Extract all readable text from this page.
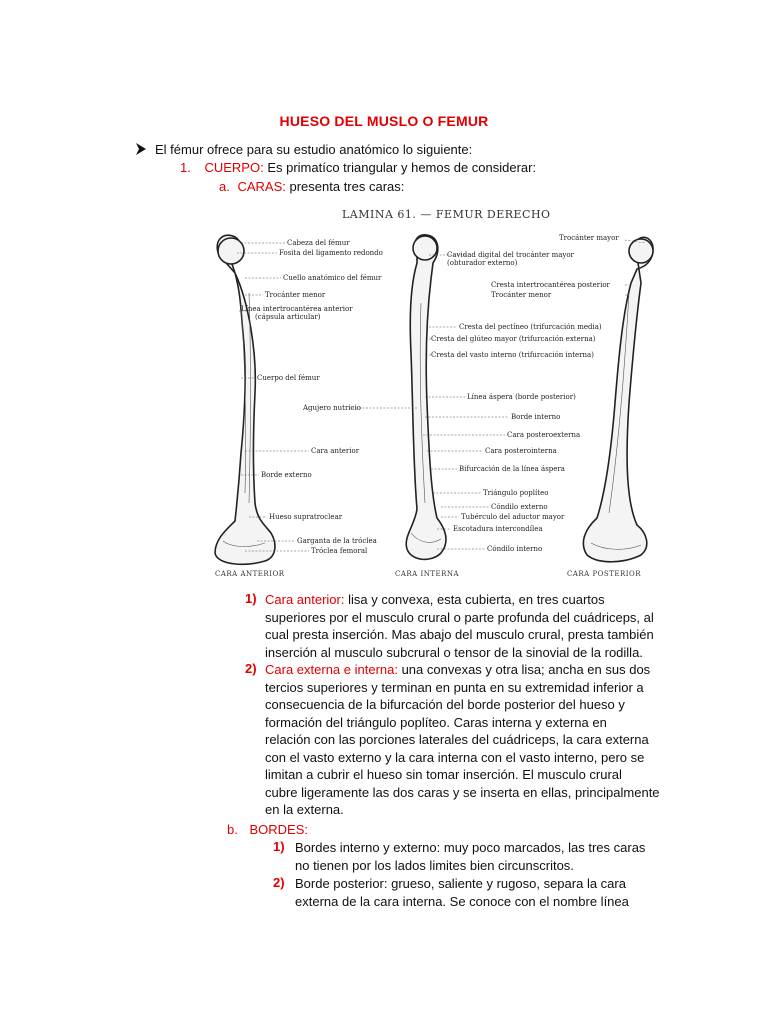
HUESO DEL MUSLO O FEMUR
El fémur ofrece para su estudio anatómico lo siguiente:
1. CUERPO: Es primatíco triangular y hemos de considerar:
a. CARAS: presenta tres caras:
LAMINA 61. — FEMUR DERECHO
Cabeza del fémur
Fosita del ligamento redondo
Cuello anatómico del fémur
Trocánter menor
Línea intertrocantérea anterior
(cápsula articular)
Cuerpo del fémur
Agujero nutricio
Cara anterior
Borde externo
Hueso supratroclear
Garganta de la tróclea
Tróclea femoral
Trocánter mayor
Cavidad digital del trocánter mayor
(obturador externo)
Cresta intertrocantérea posterior
Trocánter menor
Cresta del pectíneo (trifurcación media)
Cresta del glúteo mayor (trifurcación externa)
Cresta del vasto interno (trifurcación interna)
Línea áspera (borde posterior)
Borde interno
Cara posteroexterna
Cara posterointerna
Bifurcación de la línea áspera
Triángulo poplíteo
Cóndilo externo
Tubérculo del aductor mayor
Escotadura intercondílea
Cóndilo interno
CARA ANTERIOR	CARA INTERNA	CARA POSTERIOR
1) Cara anterior: lisa y convexa, esta cubierta, en tres cuartos
superiores por el musculo crural o parte profunda del cuádriceps, al
cual presta inserción. Mas abajo del musculo crural, presta también
inserción al musculo subcrural o tensor de la sinovial de la rodilla.
2) Cara externa e interna: una convexas y otra lisa; ancha en sus dos
tercios superiores y terminan en punta en su extremidad inferior a
consecuencia de la bifurcación del borde posterior del hueso y
formación del triángulo poplíteo. Caras interna y externa en
relación con las porciones laterales del cuádriceps, la cara externa
con el vasto externo y la cara interna con el vasto interno, pero se
limitan a cubrir el hueso sin tomar inserción. El musculo crural
cubre ligeramente las dos caras y se inserta en ellas, principalmente
en la externa.
b. BORDES:
1) Bordes interno y externo: muy poco marcados, las tres caras
no tienen por los lados limites bien circunscritos.
2) Borde posterior: grueso, saliente y rugoso, separa la cara
externa de la cara interna. Se conoce con el nombre línea
